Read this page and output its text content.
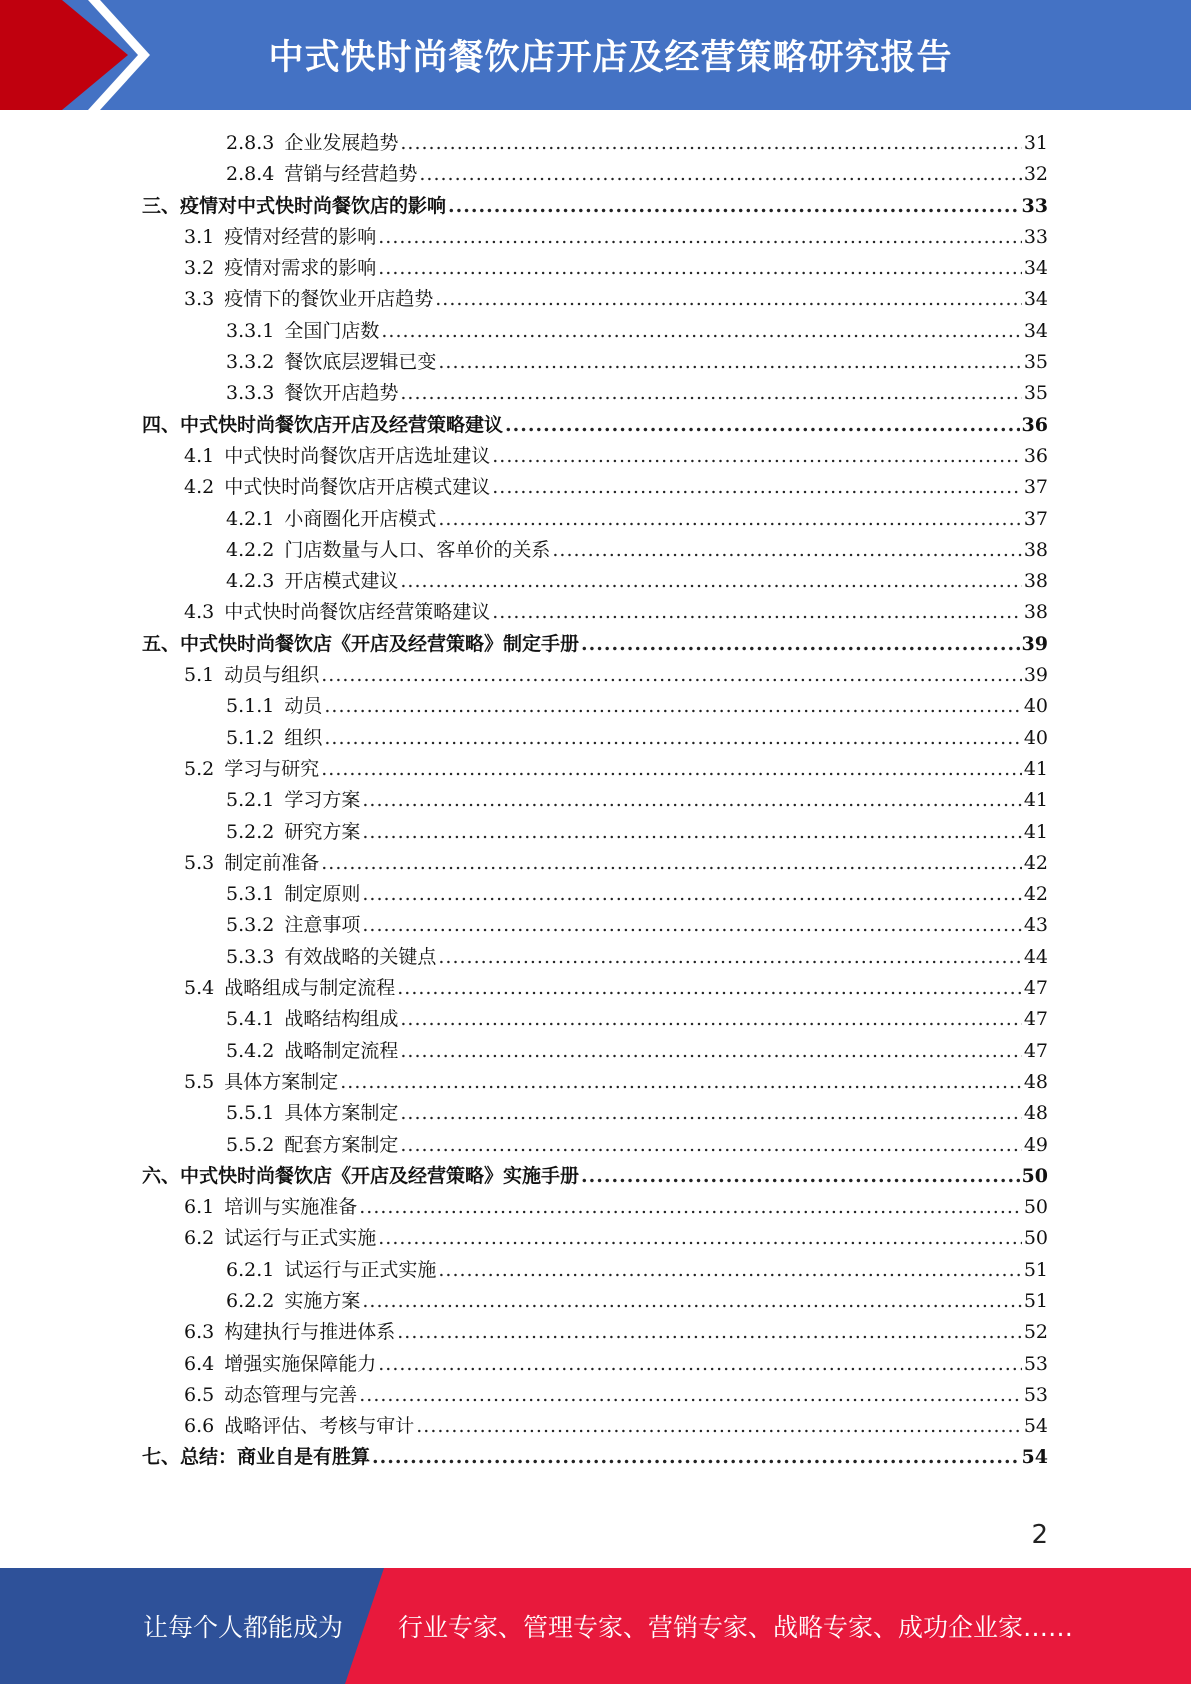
中式快时尚餐饮店开店及经营策略研究报告
2.8.3 企业发展趋势 .....	31
2.8.4 营销与经营趋势 .....	32
三、疫情对中式快时尚餐饮店的影响 .....	33
3.1 疫情对经营的影响 .....	33
3.2 疫情对需求的影响 .....	34
3.3 疫情下的餐饮业开店趋势 .....	34
3.3.1 全国门店数 .....	34
3.3.2 餐饮底层逻辑已变 .....	35
3.3.3 餐饮开店趋势 .....	35
四、中式快时尚餐饮店开店及经营策略建议 .....	36
4.1 中式快时尚餐饮店开店选址建议 .....	36
4.2 中式快时尚餐饮店开店模式建议 .....	37
4.2.1 小商圈化开店模式 .....	37
4.2.2 门店数量与人口、客单价的关系 .....	38
4.2.3 开店模式建议 .....	38
4.3 中式快时尚餐饮店经营策略建议 .....	38
五、中式快时尚餐饮店《开店及经营策略》制定手册 .....	39
5.1 动员与组织 .....	39
5.1.1 动员 .....	40
5.1.2 组织 .....	40
5.2 学习与研究 .....	41
5.2.1 学习方案 .....	41
5.2.2 研究方案 .....	41
5.3 制定前准备 .....	42
5.3.1 制定原则 .....	42
5.3.2 注意事项 .....	43
5.3.3 有效战略的关键点 .....	44
5.4 战略组成与制定流程 .....	47
5.4.1 战略结构组成 .....	47
5.4.2 战略制定流程 .....	47
5.5 具体方案制定 .....	48
5.5.1 具体方案制定 .....	48
5.5.2 配套方案制定 .....	49
六、中式快时尚餐饮店《开店及经营策略》实施手册 .....	50
6.1 培训与实施准备 .....	50
6.2 试运行与正式实施 .....	50
6.2.1 试运行与正式实施 .....	51
6.2.2 实施方案 .....	51
6.3 构建执行与推进体系 .....	52
6.4 增强实施保障能力 .....	53
6.5 动态管理与完善 .....	53
6.6 战略评估、考核与审计 .....	54
七、总结：商业自是有胜算 .....	54
2
让每个人都能成为 行业专家、管理专家、营销专家、战略专家、成功企业家……
